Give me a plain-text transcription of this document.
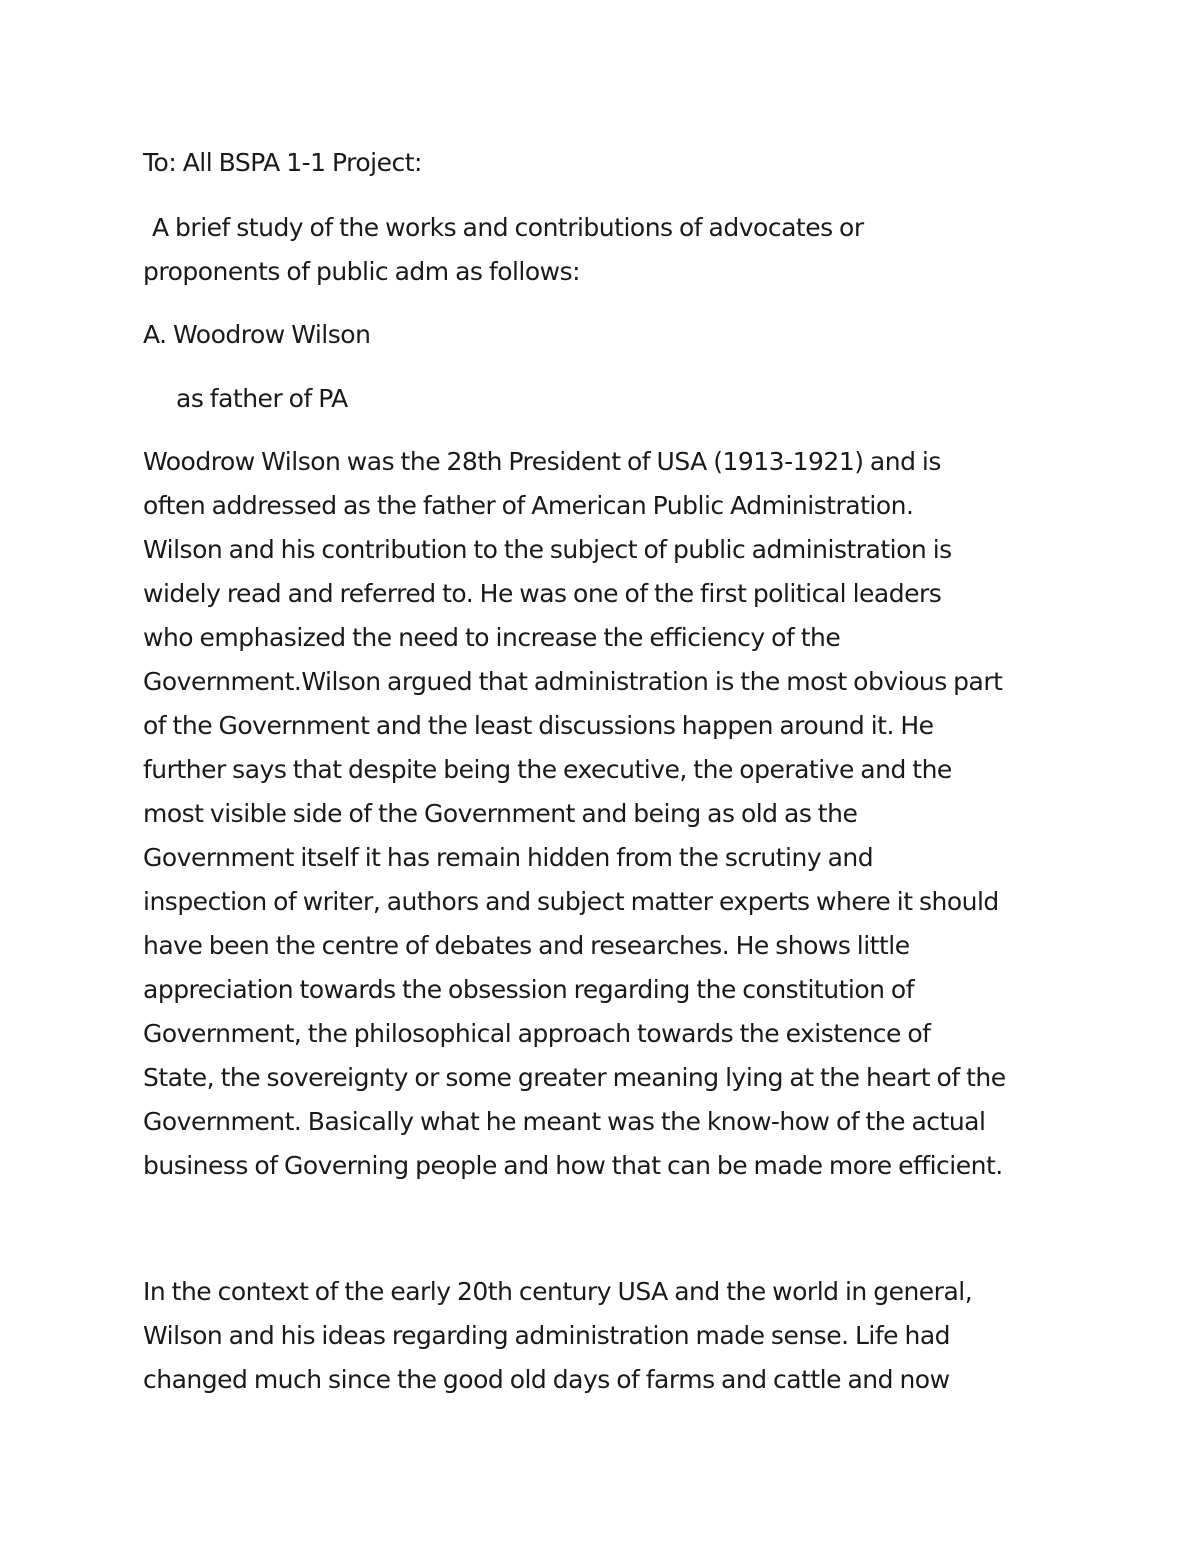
To: All BSPA 1-1 Project:
A brief study of the works and contributions of advocates or
proponents of public adm as follows:
A. Woodrow Wilson
as father of PA
Woodrow Wilson was the 28th President of USA (1913-1921) and is
often addressed as the father of American Public Administration.
Wilson and his contribution to the subject of public administration is
widely read and referred to. He was one of the first political leaders
who emphasized the need to increase the efficiency of the
Government.Wilson argued that administration is the most obvious part
of the Government and the least discussions happen around it. He
further says that despite being the executive, the operative and the
most visible side of the Government and being as old as the
Government itself it has remain hidden from the scrutiny and
inspection of writer, authors and subject matter experts where it should
have been the centre of debates and researches. He shows little
appreciation towards the obsession regarding the constitution of
Government, the philosophical approach towards the existence of
State, the sovereignty or some greater meaning lying at the heart of the
Government. Basically what he meant was the know-how of the actual
business of Governing people and how that can be made more efficient.
In the context of the early 20th century USA and the world in general,
Wilson and his ideas regarding administration made sense. Life had
changed much since the good old days of farms and cattle and now
